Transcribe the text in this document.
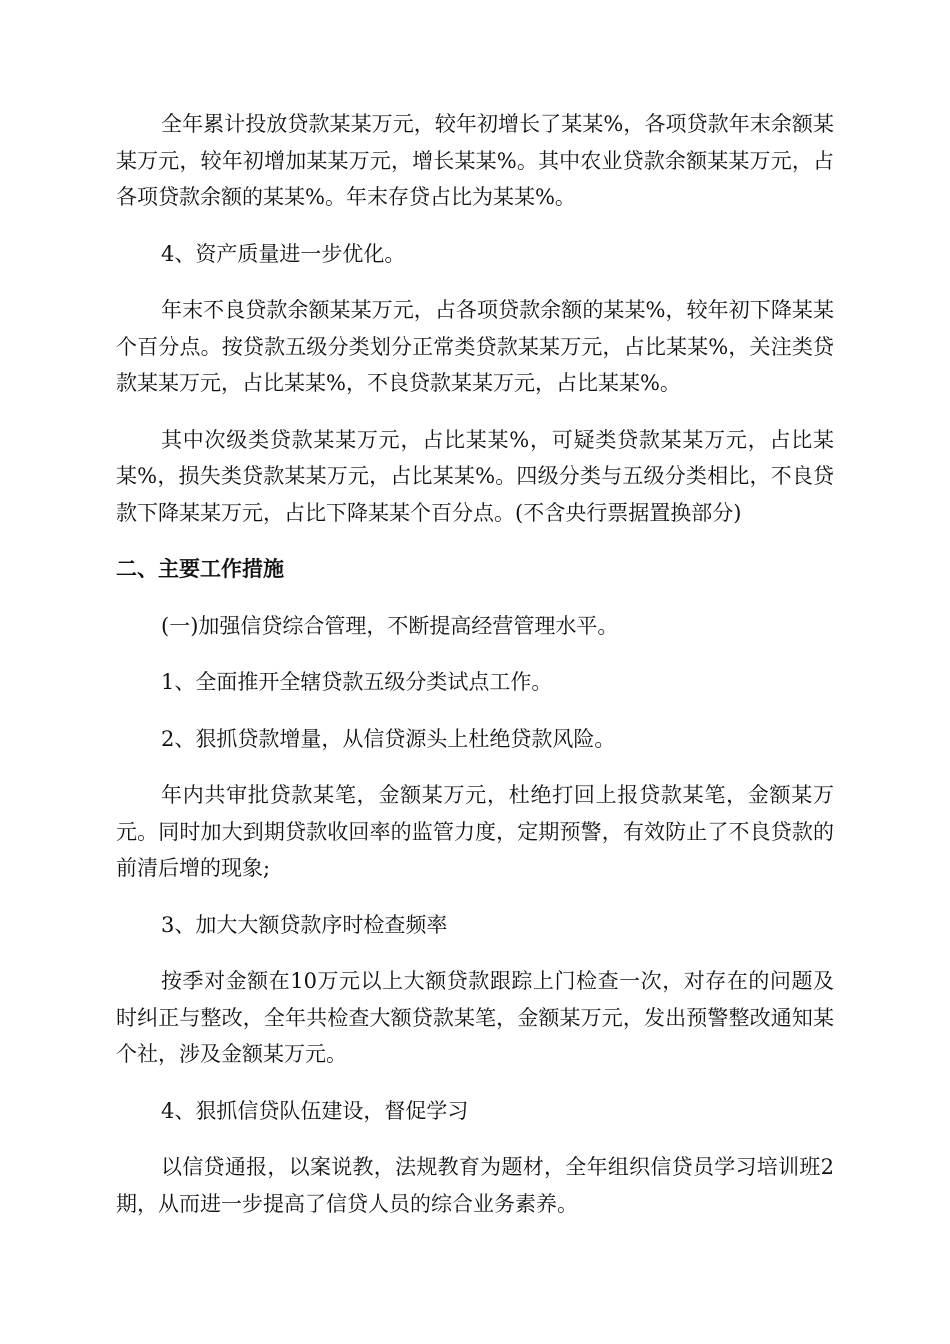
全年累计投放贷款某某万元，较年初增长了某某%，各项贷款年末余额某某万元，较年初增加某某万元，增长某某%。其中农业贷款余额某某万元，占各项贷款余额的某某%。年末存贷占比为某某%。

4、资产质量进一步优化。

年末不良贷款余额某某万元，占各项贷款余额的某某%，较年初下降某某个百分点。按贷款五级分类划分正常类贷款某某万元，占比某某%，关注类贷款某某万元，占比某某%，不良贷款某某万元，占比某某%。

其中次级类贷款某某万元，占比某某%，可疑类贷款某某万元，占比某某%，损失类贷款某某万元，占比某某%。四级分类与五级分类相比，不良贷款下降某某万元，占比下降某某个百分点。(不含央行票据置换部分)

二、主要工作措施

(一)加强信贷综合管理，不断提高经营管理水平。

1、全面推开全辖贷款五级分类试点工作。

2、狠抓贷款增量，从信贷源头上杜绝贷款风险。

年内共审批贷款某笔，金额某万元，杜绝打回上报贷款某笔，金额某万元。同时加大到期贷款收回率的监管力度，定期预警，有效防止了不良贷款的前清后增的现象;

3、加大大额贷款序时检查频率

按季对金额在10万元以上大额贷款跟踪上门检查一次，对存在的问题及时纠正与整改，全年共检查大额贷款某笔，金额某万元，发出预警整改通知某个社，涉及金额某万元。

4、狠抓信贷队伍建设，督促学习

以信贷通报，以案说教，法规教育为题材，全年组织信贷员学习培训班2期，从而进一步提高了信贷人员的综合业务素养。
